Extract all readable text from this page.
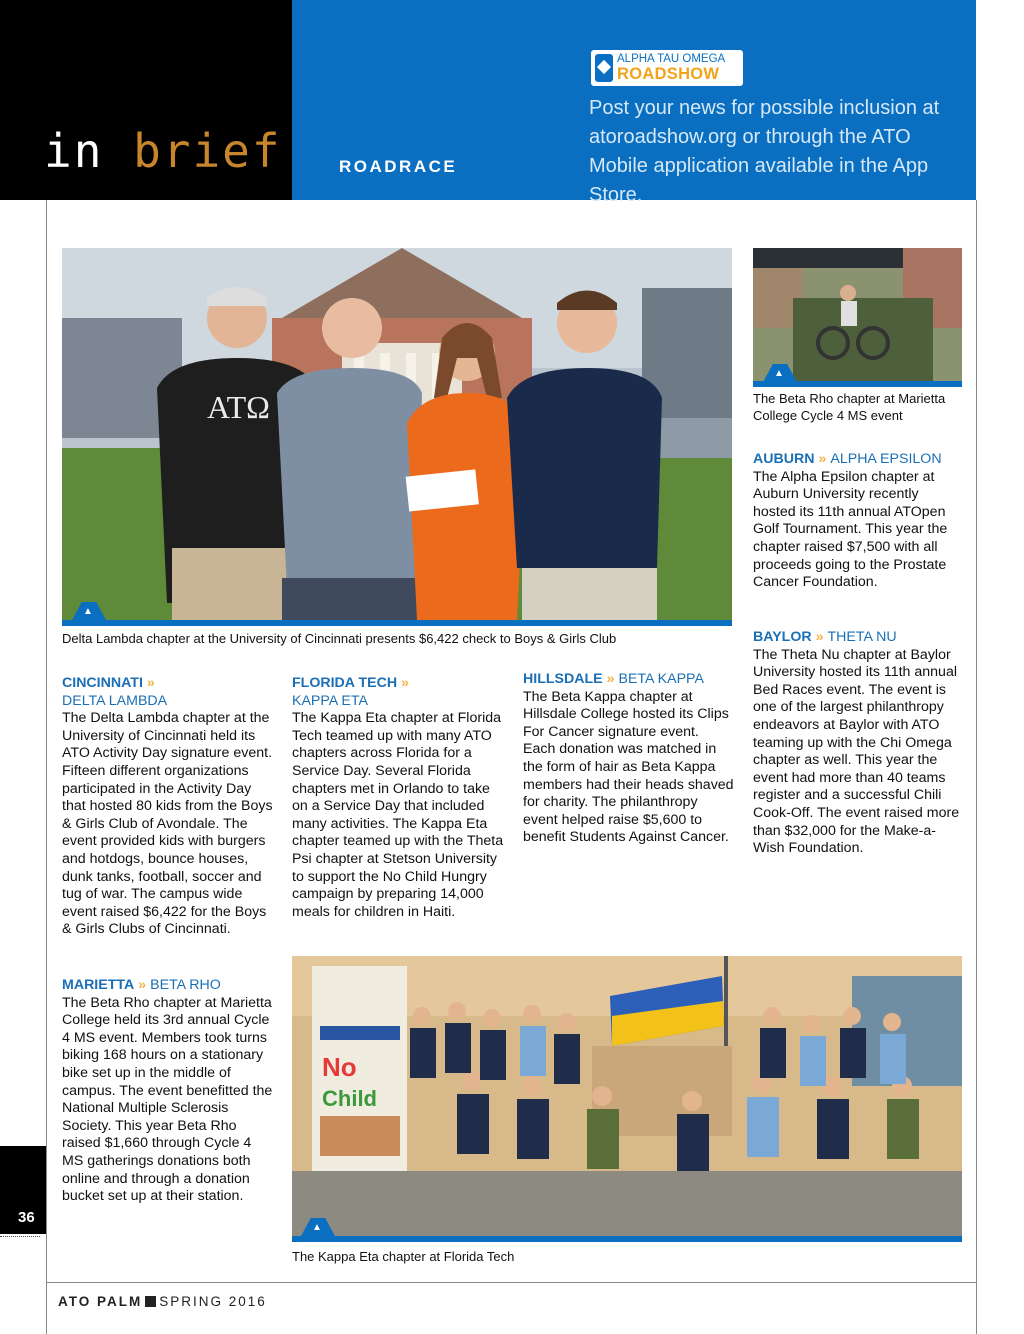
in brief	ROADRACE
ALPHA TAU OMEGA
ROADSHOW
Post your news for possible inclusion at atoroadshow.org or through the ATO Mobile application available in the App Store.
ATΩ
▲
Delta Lambda chapter at the University of Cincinnati presents $6,422 check to Boys & Girls Club
▲
The Beta Rho chapter at Marietta College Cycle 4 MS event
AUBURN » ALPHA EPSILON

The Alpha Epsilon chapter at Auburn University recently hosted its 11th annual ATOpen Golf Tournament. This year the chapter raised $7,500 with all proceeds going to the Prostate Cancer Foundation.

BAYLOR » THETA NU

The Theta Nu chapter at Baylor University hosted its 11th annual Bed Races event. The event is one of the largest philanthropy endeavors at Baylor with ATO teaming up with the Chi Omega chapter as well. This year the event had more than 40 teams register and a successful Chili Cook-Off. The event raised more than $32,000 for the Make-a-Wish Foundation.

CINCINNATI »
DELTA LAMBDA

The Delta Lambda chapter at the University of Cincinnati held its ATO Activity Day signature event. Fifteen different organizations participated in the Activity Day that hosted 80 kids from the Boys & Girls Club of Avondale. The event provided kids with burgers and hotdogs, bounce houses, dunk tanks, football, soccer and tug of war. The campus wide event raised $6,422 for the Boys & Girls Clubs of Cincinnati.

FLORIDA TECH »
KAPPA ETA

The Kappa Eta chapter at Florida Tech teamed up with many ATO chapters across Florida for a Service Day. Several Florida chapters met in Orlando to take on a Service Day that included many activities. The Kappa Eta chapter teamed up with the Theta Psi chapter at Stetson University to support the No Child Hungry campaign by preparing 14,000 meals for children in Haiti.

HILLSDALE » BETA KAPPA

The Beta Kappa chapter at Hillsdale College hosted its Clips For Cancer signature event. Each donation was matched in the form of hair as Beta Kappa members had their heads shaved for charity. The philanthropy event helped raise $5,600 to benefit Students Against Cancer.

MARIETTA » BETA RHO

The Beta Rho chapter at Marietta College held its 3rd annual Cycle 4 MS event. Members took turns biking 168 hours on a stationary bike set up in the middle of campus. The event benefitted the National Multiple Sclerosis Society. This year Beta Rho raised $1,660 through Cycle 4 MS gatherings donations both online and through a donation bucket set up at their station.

No
Child
▲
The Kappa Eta chapter at Florida Tech
36
ATO PALM SPRING 2016
